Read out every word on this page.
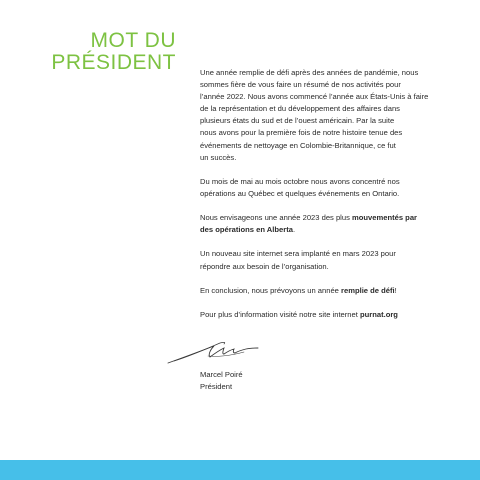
MOT DU
PRÉSIDENT	Une année remplie de défi après des années de pandémie, nous
sommes fière de vous faire un résumé de nos activités pour
l’année 2022. Nous avons commencé l’année aux États-Unis à faire
de la représentation et du développement des affaires dans
plusieurs états du sud et de l’ouest américain. Par la suite
nous avons pour la première fois de notre histoire tenue des
événements de nettoyage en Colombie-Britannique, ce fut
un succès.

Du mois de mai au mois octobre nous avons concentré nos
opérations au Québec et quelques événements en Ontario.

Nous envisageons une année 2023 des plus mouvementés par
des opérations en Alberta.

Un nouveau site internet sera implanté en mars 2023 pour
répondre aux besoin de l’organisation.

En conclusion, nous prévoyons un année remplie de défi!

Pour plus d’information visité notre site internet purnat.org

Marcel Poiré
Président
